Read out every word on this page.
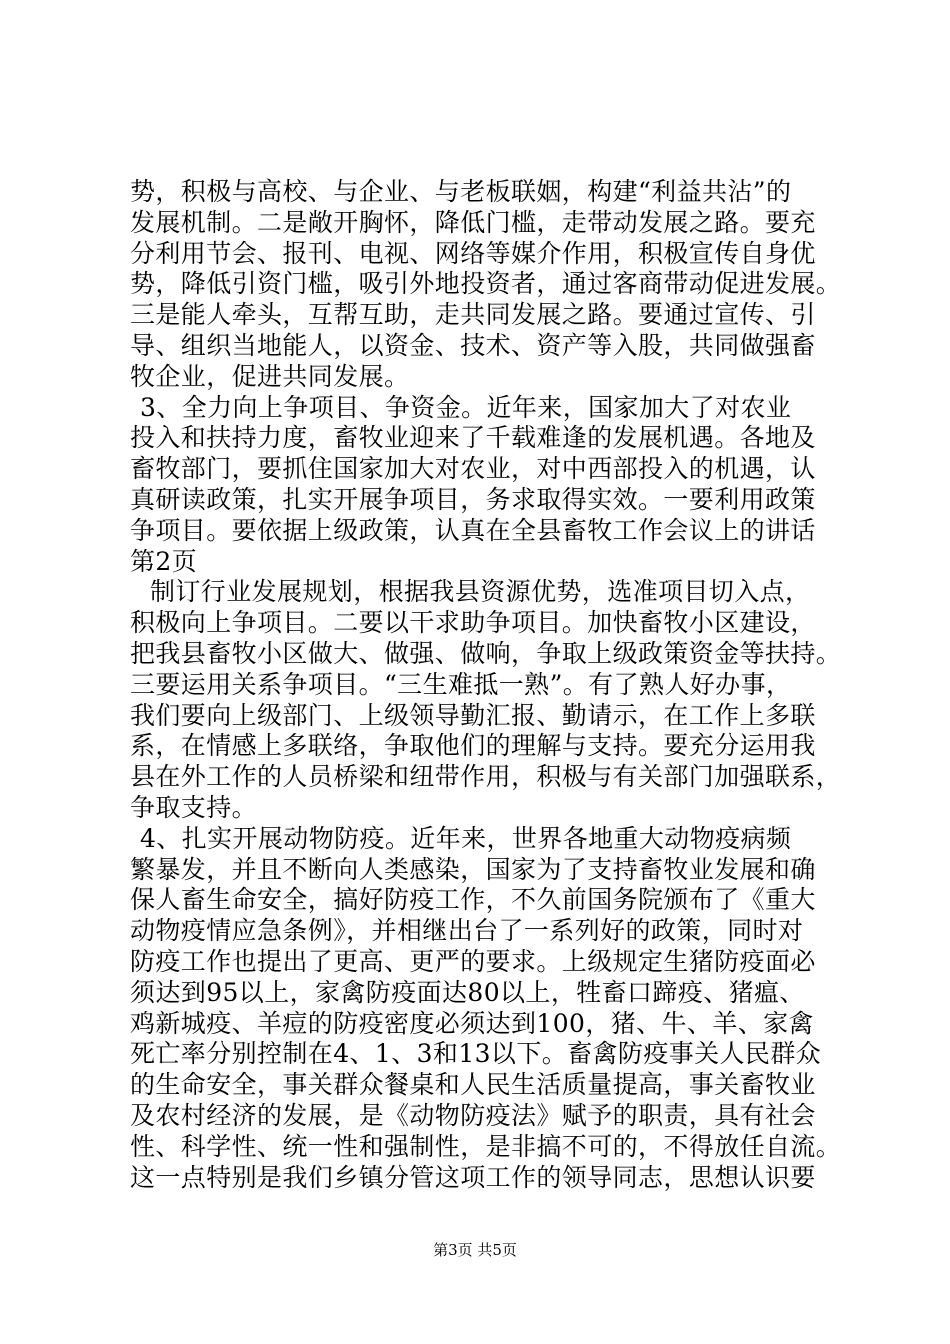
势，积极与高校、与企业、与老板联姻，构建“利益共沾”的
发展机制。二是敞开胸怀，降低门槛，走带动发展之路。要充
分利用节会、报刊、电视、网络等媒介作用，积极宣传自身优
势，降低引资门槛，吸引外地投资者，通过客商带动促进发展。
三是能人牵头，互帮互助，走共同发展之路。要通过宣传、引
导、组织当地能人，以资金、技术、资产等入股，共同做强畜
牧企业，促进共同发展。
3、全力向上争项目、争资金。近年来，国家加大了对农业
投入和扶持力度，畜牧业迎来了千载难逢的发展机遇。各地及
畜牧部门，要抓住国家加大对农业，对中西部投入的机遇，认
真研读政策，扎实开展争项目，务求取得实效。一要利用政策
争项目。要依据上级政策，认真在全县畜牧工作会议上的讲话
第2页
制订行业发展规划，根据我县资源优势，选准项目切入点，
积极向上争项目。二要以干求助争项目。加快畜牧小区建设，
把我县畜牧小区做大、做强、做响，争取上级政策资金等扶持。
三要运用关系争项目。“三生难抵一熟”。有了熟人好办事，
我们要向上级部门、上级领导勤汇报、勤请示，在工作上多联
系，在情感上多联络，争取他们的理解与支持。要充分运用我
县在外工作的人员桥梁和纽带作用，积极与有关部门加强联系，
争取支持。
4、扎实开展动物防疫。近年来，世界各地重大动物疫病频
繁暴发，并且不断向人类感染，国家为了支持畜牧业发展和确
保人畜生命安全，搞好防疫工作，不久前国务院颁布了《重大
动物疫情应急条例》，并相继出台了一系列好的政策，同时对
防疫工作也提出了更高、更严的要求。上级规定生猪防疫面必
须达到95以上，家禽防疫面达80以上，牲畜口蹄疫、猪瘟、
鸡新城疫、羊痘的防疫密度必须达到100，猪、牛、羊、家禽
死亡率分别控制在4、1、3和13以下。畜禽防疫事关人民群众
的生命安全，事关群众餐桌和人民生活质量提高，事关畜牧业
及农村经济的发展，是《动物防疫法》赋予的职责，具有社会
性、科学性、统一性和强制性，是非搞不可的，不得放任自流。
这一点特别是我们乡镇分管这项工作的领导同志，思想认识要
第3页 共5页
